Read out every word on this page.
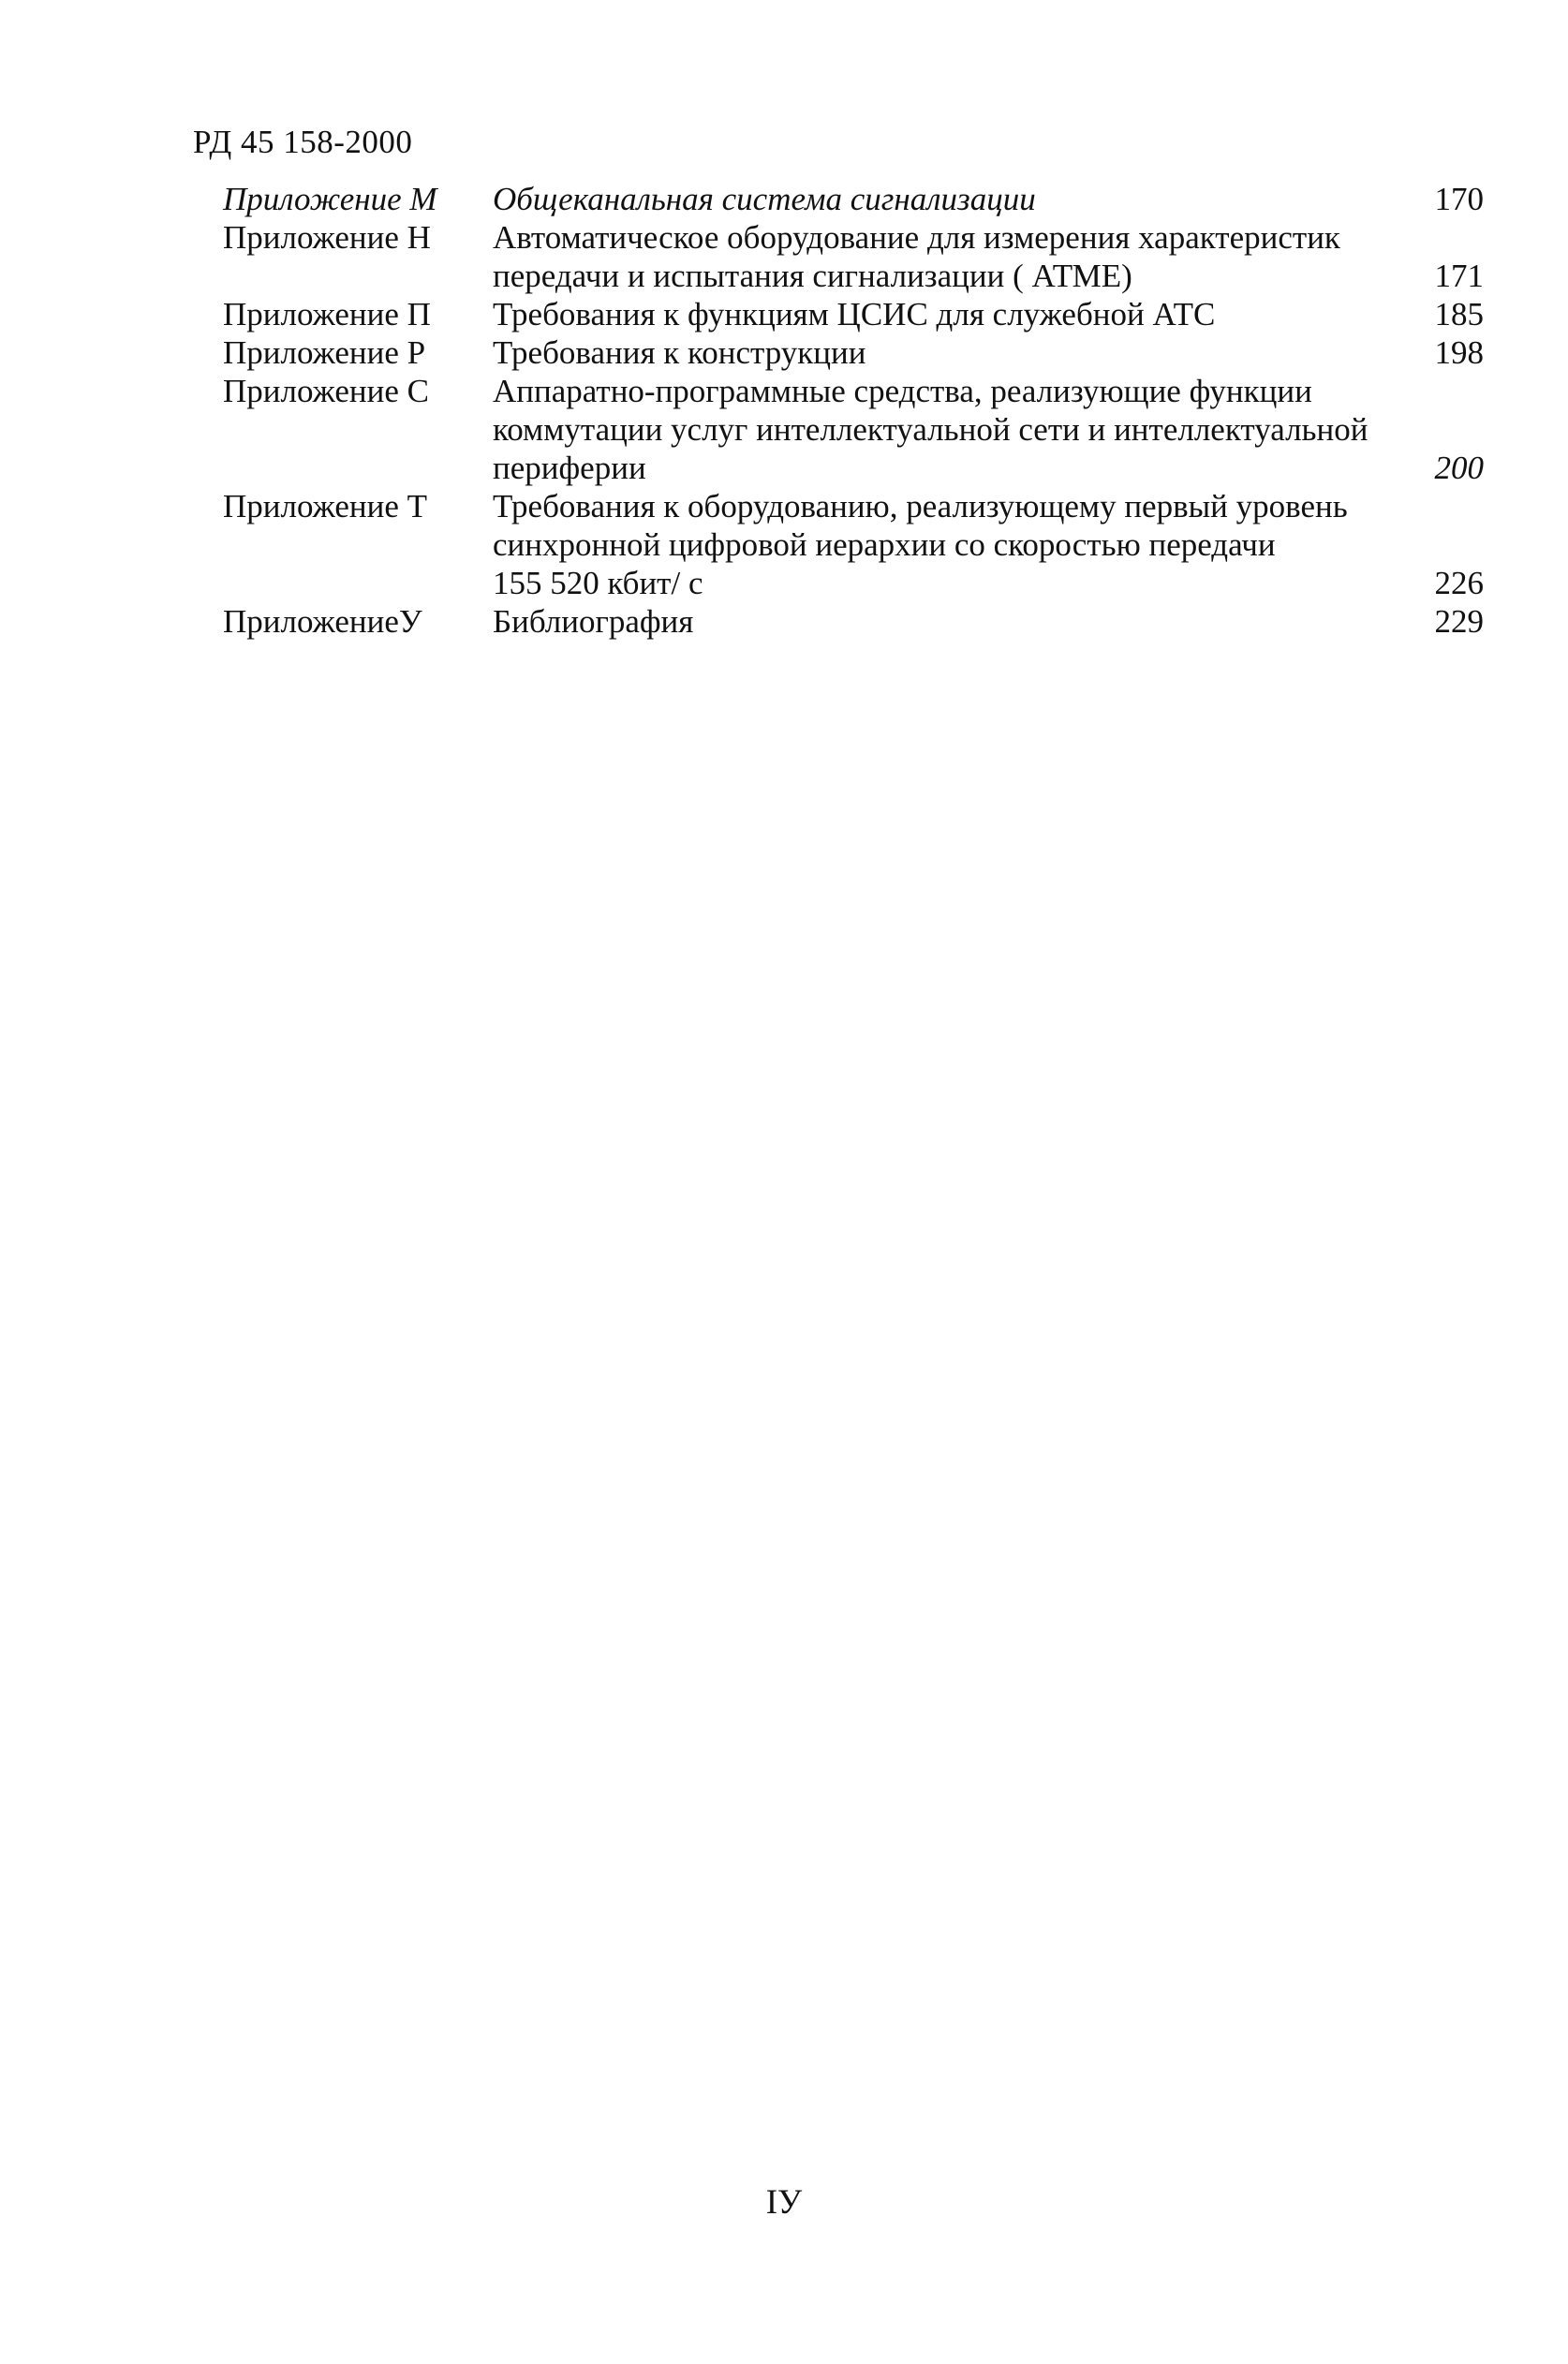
РД 45 158-2000
Приложение М	Общеканальная система сигнализации	170
Приложение Н	Автоматическое оборудование для измерения характеристик
передачи и испытания сигнализации ( АТМЕ)	171
Приложение П	Требования к функциям ЦСИС для служебной АТС	185
Приложение Р	Требования к конструкции	198
Приложение С	Аппаратно-программные средства, реализующие функции
коммутации услуг интеллектуальной сети и интеллектуальной
периферии	200
Приложение Т	Требования к оборудованию, реализующему первый уровень
синхронной цифровой иерархии со скоростью передачи
155 520 кбит/ с	226
ПриложениеУ	Библиография	229
IУ
